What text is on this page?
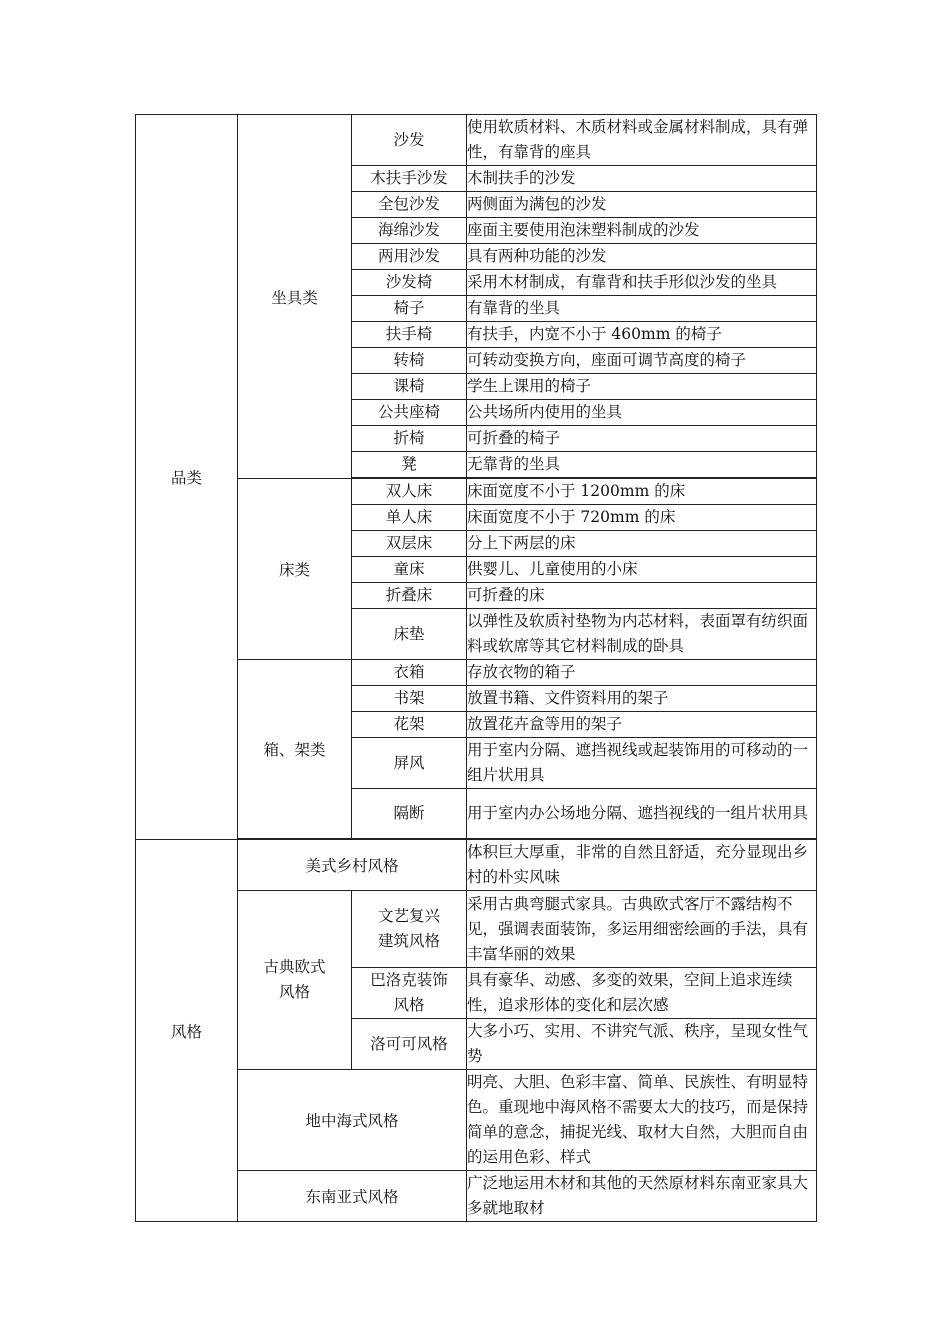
品类	坐具类	沙发	使用软质材料、木质材料或金属材料制成，具有弹性，有靠背的座具
		木扶手沙发	木制扶手的沙发
		全包沙发	两侧面为满包的沙发
		海绵沙发	座面主要使用泡沫塑料制成的沙发
		两用沙发	具有两种功能的沙发
		沙发椅	采用木材制成，有靠背和扶手形似沙发的坐具
		椅子	有靠背的坐具
		扶手椅	有扶手，内宽不小于 460mm 的椅子
		转椅	可转动变换方向，座面可调节高度的椅子
		课椅	学生上课用的椅子
		公共座椅	公共场所内使用的坐具
		折椅	可折叠的椅子
		凳	无靠背的坐具

	床类	双人床	床面宽度不小于 1200mm 的床
		单人床	床面宽度不小于 720mm 的床
		双层床	分上下两层的床
		童床	供婴儿、儿童使用的小床
		折叠床	可折叠的床
		床垫	以弹性及软质衬垫物为内芯材料，表面罩有纺织面料或软席等其它材料制成的卧具
	箱、架类	衣箱	存放衣物的箱子
		书架	放置书籍、文件资料用的架子
		花架	放置花卉盒等用的架子
		屏风	用于室内分隔、遮挡视线或起装饰用的可移动的一组片状用具
		隔断	用于室内办公场地分隔、遮挡视线的一组片状用具

风格	美式乡村风格		体积巨大厚重，非常的自然且舒适，充分显现出乡村的朴实风味

	古典欧式风格	文艺复兴建筑风格	采用古典弯腿式家具。古典欧式客厅不露结构不见，强调表面装饰，多运用细密绘画的手法，具有丰富华丽的效果

		巴洛克装饰风格	具有豪华、动感、多变的效果，空间上追求连续性，追求形体的变化和层次感
		洛可可风格	大多小巧、实用、不讲究气派、秩序，呈现女性气势
	地中海式风格		明亮、大胆、色彩丰富、简单、民族性、有明显特色。重现地中海风格不需要太大的技巧，而是保持简单的意念，捕捉光线、取材大自然，大胆而自由的运用色彩、样式
	东南亚式风格		广泛地运用木材和其他的天然原材料东南亚家具大多就地取材
